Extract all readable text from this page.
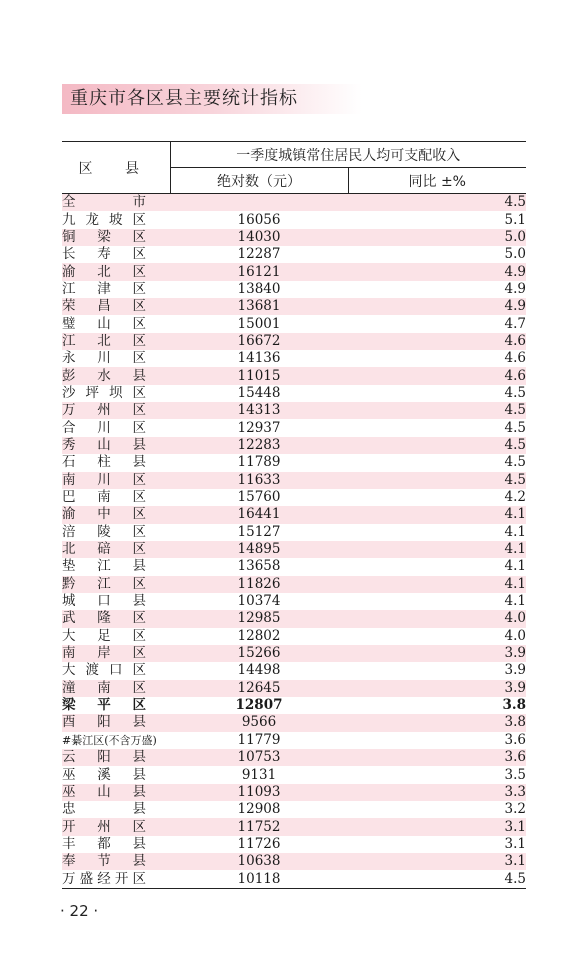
重庆市各区县主要统计指标
区 县	一季度城镇常住居民人均可支配收入	
	绝对数（元）	同比 ±%

全 市		4.5

九 龙 坡 区	16056	5.1

铜 梁 区	14030	5.0

长 寿 区	12287	5.0

渝 北 区	16121	4.9

江 津 区	13840	4.9

荣 昌 区	13681	4.9

璧 山 区	15001	4.7

江 北 区	16672	4.6

永 川 区	14136	4.6

彭 水 县	11015	4.6

沙 坪 坝 区	15448	4.5

万 州 区	14313	4.5

合 川 区	12937	4.5

秀 山 县	12283	4.5

石 柱 县	11789	4.5

南 川 区	11633	4.5

巴 南 区	15760	4.2

渝 中 区	16441	4.1

涪 陵 区	15127	4.1

北 碚 区	14895	4.1

垫 江 县	13658	4.1

黔 江 区	11826	4.1

城 口 县	10374	4.1

武 隆 区	12985	4.0

大 足 区	12802	4.0

南 岸 区	15266	3.9

大 渡 口 区	14498	3.9

潼 南 区	12645	3.9

梁 平 区	12807	3.8

酉 阳 县	9566	3.8

#綦江区(不含万盛)	11779	3.6

云 阳 县	10753	3.6

巫 溪 县	9131	3.5

巫 山 县	11093	3.3

忠 县	12908	3.2

开 州 区	11752	3.1

丰 都 县	11726	3.1

奉 节 县	10638	3.1

万 盛 经 开 区	10118	4.5
· 22 ·
